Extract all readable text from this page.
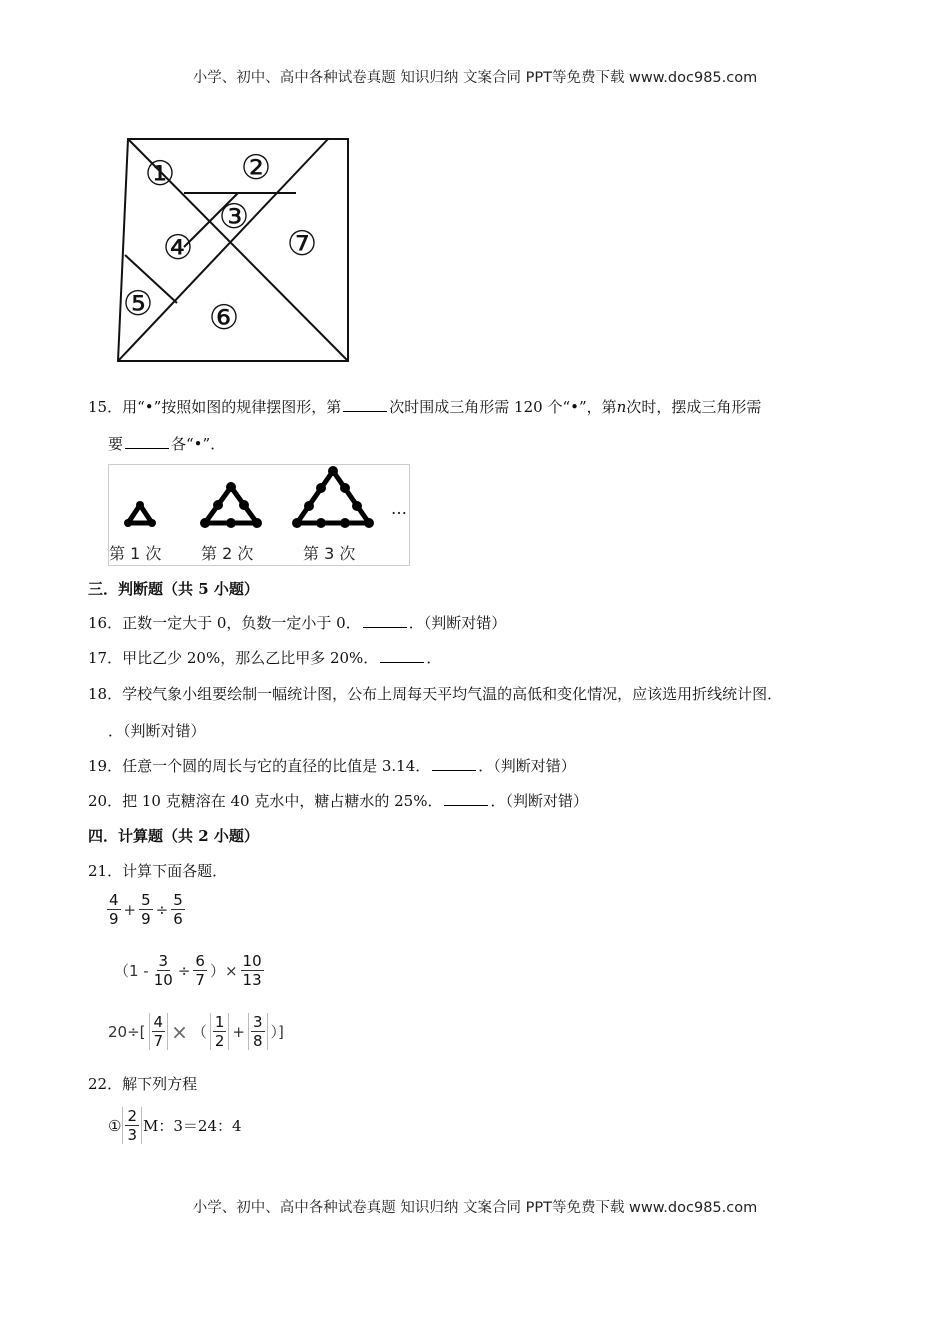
小学、初中、高中各种试卷真题 知识归纳 文案合同 PPT等免费下载 www.doc985.com
① ②
③
④
⑤ ⑥
⑦
15．用“•”按照如图的规律摆图形，第	次时围成三角形需 120 个“•”，第n次时，摆成三角形需
要	各“•”．
…
第 1 次 第 2 次	第 3 次
三．判断题（共 5 小题）
16．正数一定大于 0，负数一定小于 0．	．（判断对错）
17．甲比乙少 20%，那么乙比甲多 20%．	．
18．学校气象小组要绘制一幅统计图，公布上周每天平均气温的高低和变化情况，应该选用折线统计图．
．（判断对错）
19．任意一个圆的周长与它的直径的比值是 3.14．	．（判断对错）
20．把 10 克糖溶在 40 克水中，糖占糖水的 25%．	．（判断对错）
四．计算题（共 2 小题）
21．计算下面各题．
$\frac{4}{9} + \frac{5}{9} \div \frac{5}{6}$
（$1 - \frac{3}{10} \div \frac{6}{7}$ ）× $\frac{10}{13}$
$20\div[ \frac{4}{7}$ × （ $\frac{1}{2} + \frac{3}{8}$ ）]
22．解下列方程
① $\frac{2}{3}$ M：3＝24：4
小学、初中、高中各种试卷真题 知识归纳 文案合同 PPT等免费下载 www.doc985.com
